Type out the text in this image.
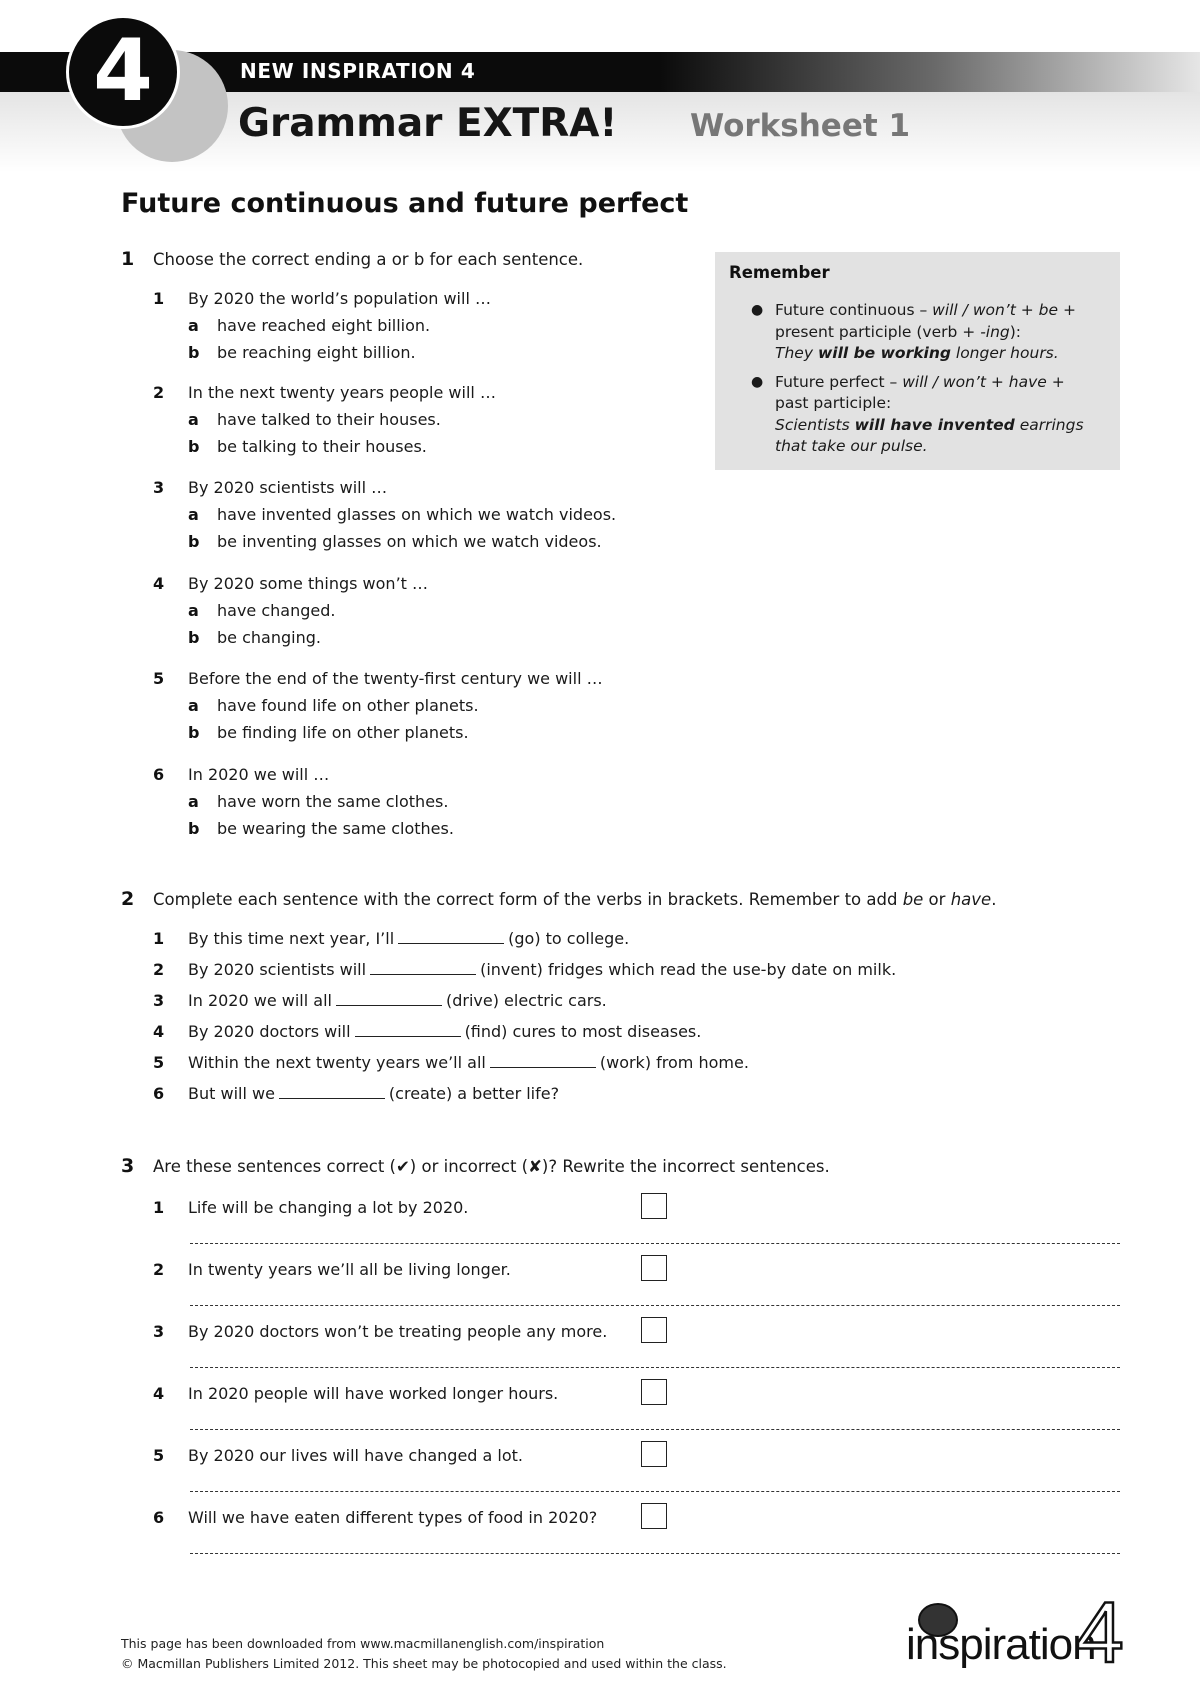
4	NEW INSPIRATION 4
Grammar EXTRA! Worksheet 1
Future continuous and future perfect
1 Choose the correct ending a or b for each sentence.
1 By 2020 the world’s population will …
a have reached eight billion.
b be reaching eight billion.
2 In the next twenty years people will …
a have talked to their houses.
b be talking to their houses.
3 By 2020 scientists will …
a have invented glasses on which we watch videos.
b be inventing glasses on which we watch videos.
4 By 2020 some things won’t …
a have changed.
b be changing.
5 Before the end of the twenty-first century we will …
a have found life on other planets.
b be finding life on other planets.
6 In 2020 we will …
a have worn the same clothes.
b be wearing the same clothes.
Remember
● Future continuous – will / won’t + be +
present participle (verb + -ing):
They will be working longer hours.
● Future perfect – will / won’t + have +
past participle:
Scientists will have invented earrings
that take our pulse.
2 Complete each sentence with the correct form of the verbs in brackets. Remember to add be or have.
1 By this time next year, I’ll	(go) to college.
2 By 2020 scientists will	(invent) fridges which read the use-by date on milk.
3 In 2020 we will all	(drive) electric cars.
4 By 2020 doctors will	(find) cures to most diseases.
5 Within the next twenty years we’ll all	(work) from home.
6 But will we	(create) a better life?
3 Are these sentences correct (✔) or incorrect (✘)? Rewrite the incorrect sentences.
1 Life will be changing a lot by 2020.
2 In twenty years we’ll all be living longer.
3 By 2020 doctors won’t be treating people any more.
4 In 2020 people will have worked longer hours.
5 By 2020 our lives will have changed a lot.
6 Will we have eaten different types of food in 2020?
This page has been downloaded from www.macmillanenglish.com/inspiration
© Macmillan Publishers Limited 2012. This sheet may be photocopied and used within the class.	inspiration
4
